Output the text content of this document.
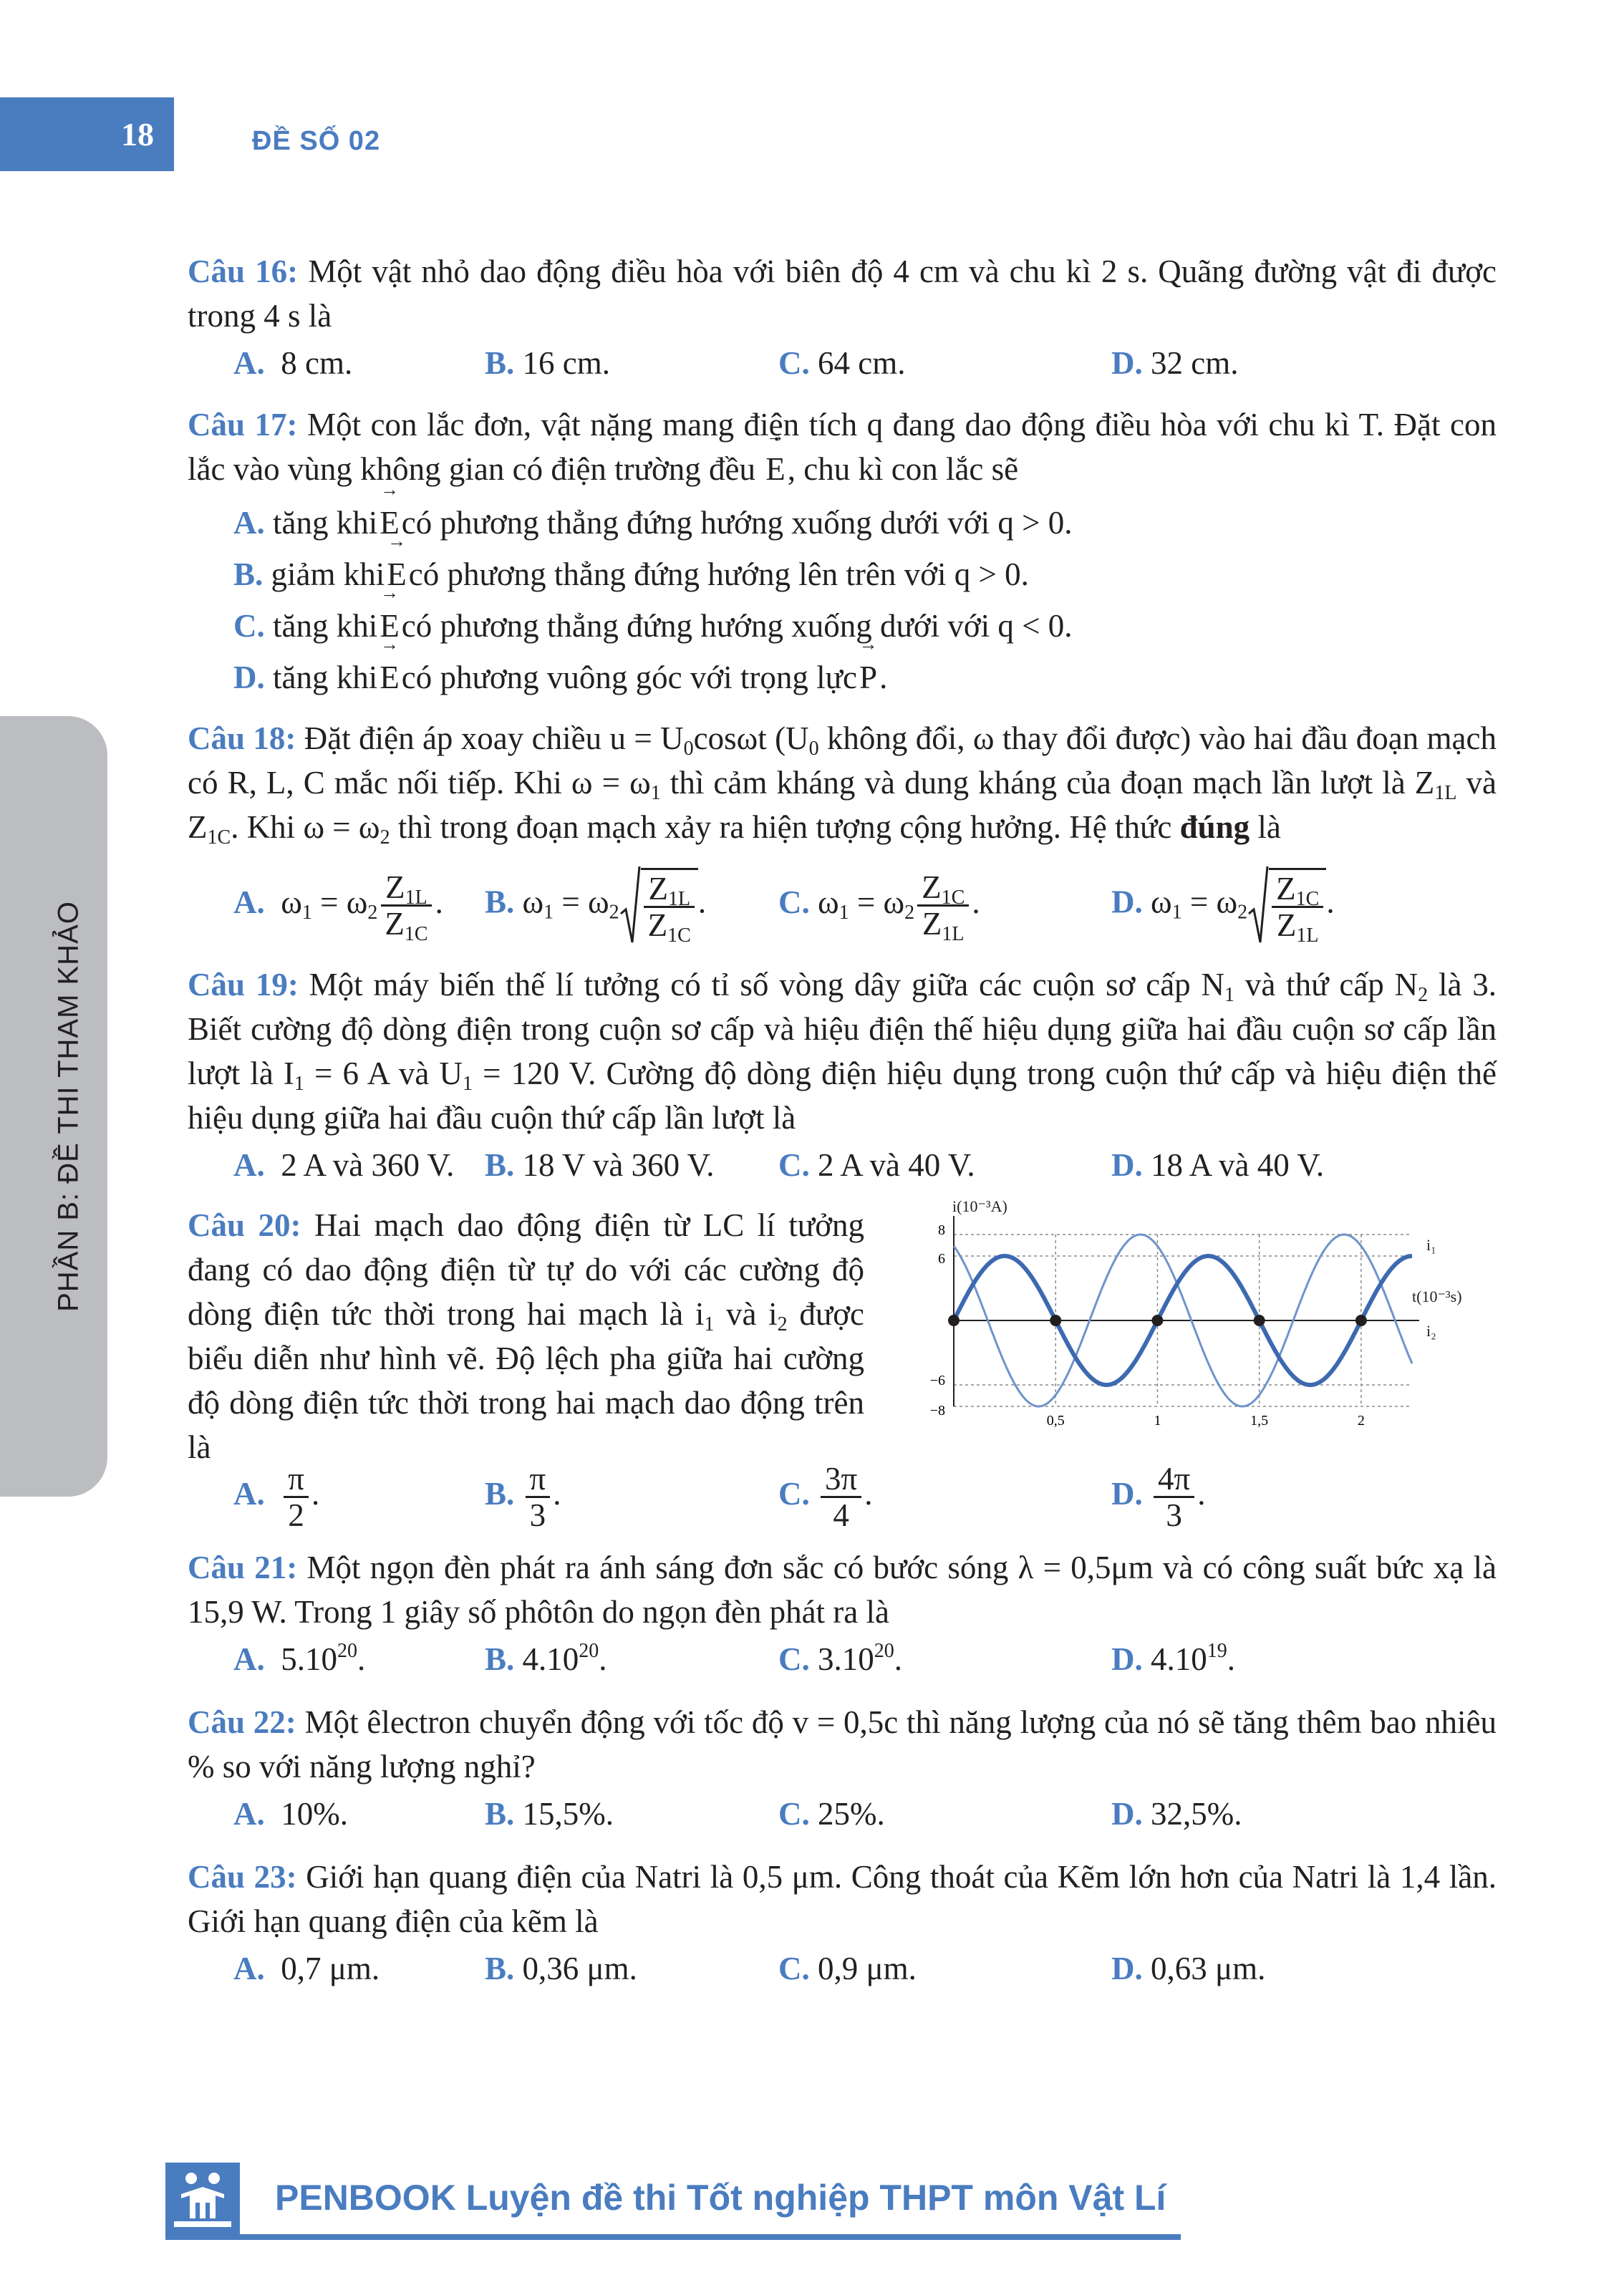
18	ĐỀ SỐ 02
PHẦN B: ĐỀ THI THAM KHẢO

Câu 16: Một vật nhỏ dao động điều hòa với biên độ 4 cm và chu kì 2 s. Quãng đường vật đi được trong 4 s là

A. 8 cm.	B. 16 cm.	C. 64 cm.	D. 32 cm.

Câu 17: Một con lắc đơn, vật nặng mang điện tích q đang dao động điều hòa với chu kì T. Đặt con lắc vào vùng không gian có điện trường đều → E, chu kì con lắc sẽ

A.
tăng khi → E có phương thẳng đứng hướng xuống dưới với q > 0.
B.
giảm khi → E có phương thẳng đứng hướng lên trên với q > 0.
C.
tăng khi → E có phương thẳng đứng hướng xuống dưới với q < 0.
D.
tăng khi → E có phương vuông góc với trọng lực → P .

Câu 18: Đặt điện áp xoay chiều $u = U_0\cos\omega t$ ($U_0$ không đổi, ω thay đổi được) vào hai đầu đoạn mạch có R, L, C mắc nối tiếp. Khi $\omega = \omega_1$ thì cảm kháng và dung kháng của đoạn mạch lần lượt là $Z_{1L}$ và $Z_{1C}$. Khi $\omega = \omega_2$ thì trong đoạn mạch xảy ra hiện tượng cộng hưởng. Hệ thức đúng là

A. $\omega_1 = \omega_2 \frac{Z_{1L}}{Z_{1C}}$ .	B. $\omega_1 = \omega_2 \frac{Z_{1L}}{Z_{1C}}$ .	C. $\omega_1 = \omega_2 \frac{Z_{1C}}{Z_{1L}}$ .	D. $\omega_1 = \omega_2 \frac{Z_{1C}}{Z_{1L}}$ .

Câu 19: Một máy biến thế lí tưởng có tỉ số vòng dây giữa các cuộn sơ cấp $N_1$ và thứ cấp $N_2$ là 3. Biết cường độ dòng điện trong cuộn sơ cấp và hiệu điện thế hiệu dụng giữa hai đầu cuộn sơ cấp lần lượt là $I_1 = 6$ A và $U_1 = 120$ V. Cường độ dòng điện hiệu dụng trong cuộn thứ cấp và hiệu điện thế hiệu dụng giữa hai đầu cuộn thứ cấp lần lượt là

A. 2 A và 360 V. B. 18 V và 360 V.	C. 2 A và 40 V.	D. 18 A và 40 V.

Câu 20: Hai mạch dao động điện từ LC lí tưởng đang có dao động điện từ tự do với các cường độ dòng điện tức thời trong hai mạch là $i_1$ và $i_2$ được biểu diễn như hình vẽ. Độ lệch pha giữa hai cường độ dòng điện tức thời trong hai mạch dao động trên là

i(10⁻³A)
t(10⁻³s)
i₁
i₂
8
6
−6
−8
0,5	1	1,5	2
A. $\frac{\pi}{2}$ .	B. $\frac{\pi}{3}$ .	C. $\frac{3\pi}{4}$ .	D. $\frac{4\pi}{3}$ .

Câu 21: Một ngọn đèn phát ra ánh sáng đơn sắc có bước sóng λ = 0,5μm và có công suất bức xạ là 15,9 W. Trong 1 giây số phôtôn do ngọn đèn phát ra là

A. 5.10$^{20}$.	B. 4.10$^{20}$.	C. 3.10$^{20}$.	D. 4.10$^{19}$.

Câu 22: Một êlectron chuyển động với tốc độ v = 0,5c thì năng lượng của nó sẽ tăng thêm bao nhiêu % so với năng lượng nghỉ?

A. 10%.	B. 15,5%.	C. 25%.	D. 32,5%.

Câu 23: Giới hạn quang điện của Natri là 0,5 μm. Công thoát của Kẽm lớn hơn của Natri là 1,4 lần. Giới hạn quang điện của kẽm là

A. 0,7 μm.	B. 0,36 μm.	C. 0,9 μm.	D. 0,63 μm.
PENBOOK Luyện đề thi Tốt nghiệp THPT môn Vật Lí
